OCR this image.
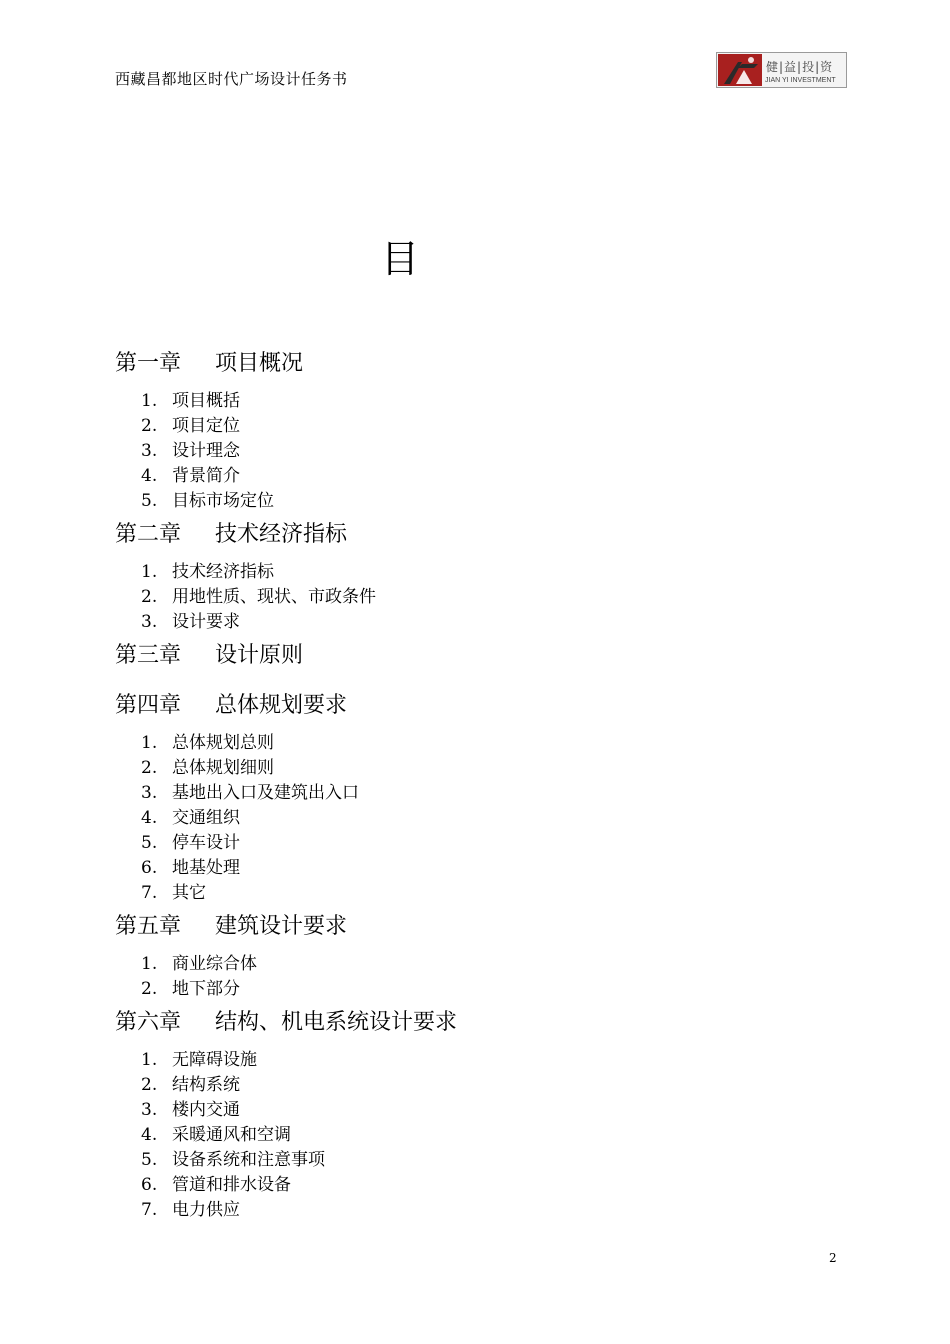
西藏昌都地区时代广场设计任务书
健|益|投|资
JIAN YI INVESTMENT
目
第一章	项目概况
1. 项目概括
2. 项目定位
3. 设计理念
4. 背景简介
5. 目标市场定位
第二章	技术经济指标
1. 技术经济指标
2. 用地性质、现状、市政条件
3. 设计要求
第三章	设计原则
第四章	总体规划要求
1. 总体规划总则
2. 总体规划细则
3. 基地出入口及建筑出入口
4. 交通组织
5. 停车设计
6. 地基处理
7. 其它
第五章	建筑设计要求
1. 商业综合体
2. 地下部分
第六章	结构、机电系统设计要求
1. 无障碍设施
2. 结构系统
3. 楼内交通
4. 采暖通风和空调
5. 设备系统和注意事项
6. 管道和排水设备
7. 电力供应
2
